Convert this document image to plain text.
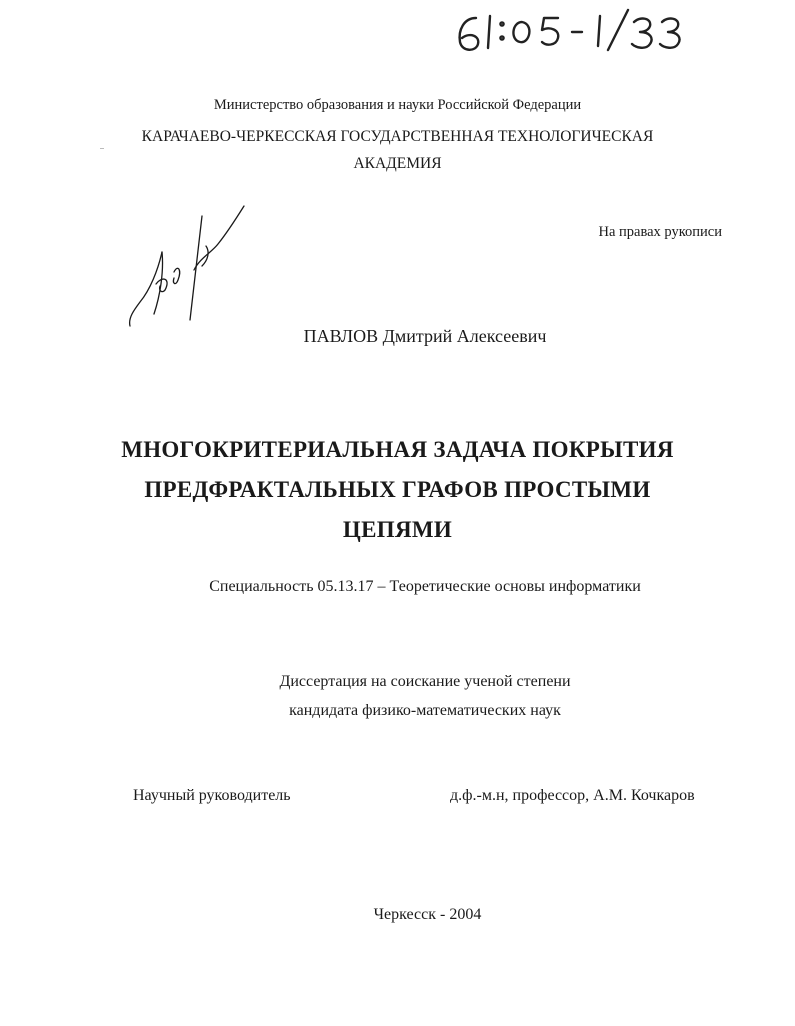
Министерство образования и науки Российской Федерации
КАРАЧАЕВО-ЧЕРКЕССКАЯ ГОСУДАРСТВЕННАЯ ТЕХНОЛОГИЧЕСКАЯ
АКАДЕМИЯ
На правах рукописи
ПАВЛОВ Дмитрий Алексеевич
МНОГОКРИТЕРИАЛЬНАЯ ЗАДАЧА ПОКРЫТИЯ
ПРЕДФРАКТАЛЬНЫХ ГРАФОВ ПРОСТЫМИ
ЦЕПЯМИ
Специальность 05.13.17 – Теоретические основы информатики
Диссертация на соискание ученой степени
кандидата физико-математических наук
Научный руководитель	д.ф.-м.н, профессор, А.М. Кочкаров
Черкесск - 2004
